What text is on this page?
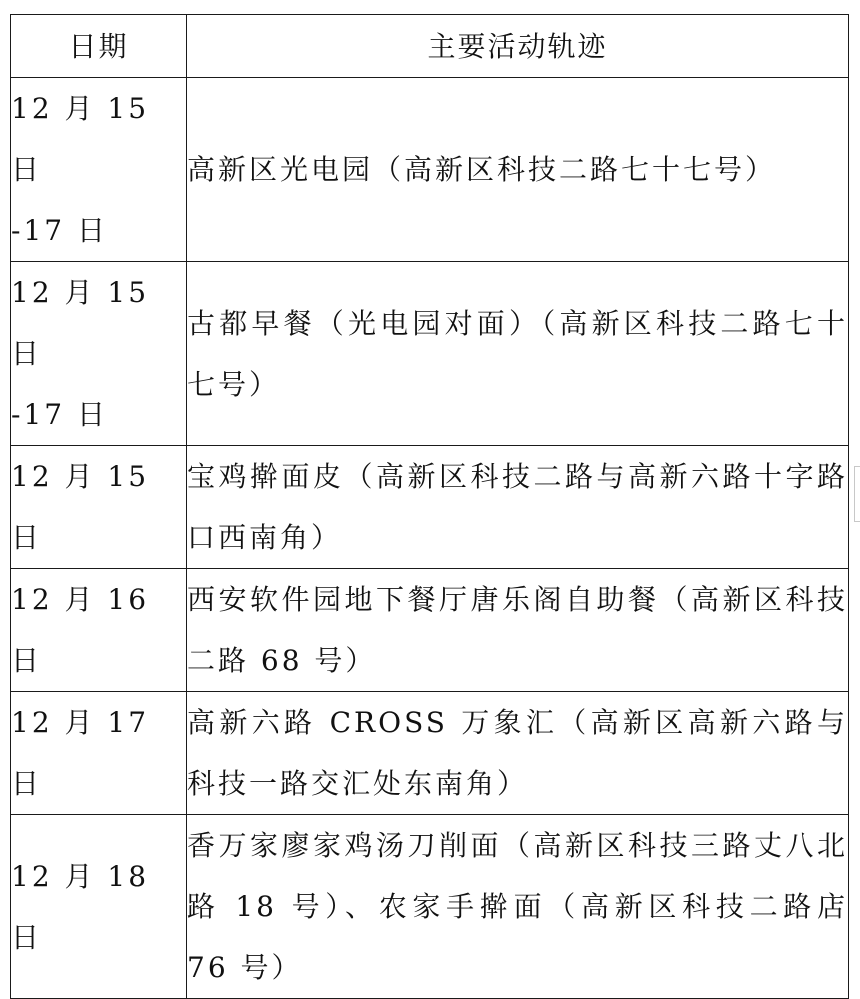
日期	主要活动轨迹
12 月 15 日
-17 日	高新区光电园（高新区科技二路七十七号）
12 月 15 日
-17 日	古都早餐（光电园对面）（高新区科技二路七十七号）
12 月 15 日	宝鸡擀面皮（高新区科技二路与高新六路十字路口西南角）
12 月 16 日	西安软件园地下餐厅唐乐阁自助餐（高新区科技二路 68 号）
12 月 17 日	高新六路 CROSS 万象汇（高新区高新六路与科技一路交汇处东南角）
12 月 18 日	香万家廖家鸡汤刀削面（高新区科技三路丈八北路 18 号）、农家手擀面（高新区科技二路店 76 号）
